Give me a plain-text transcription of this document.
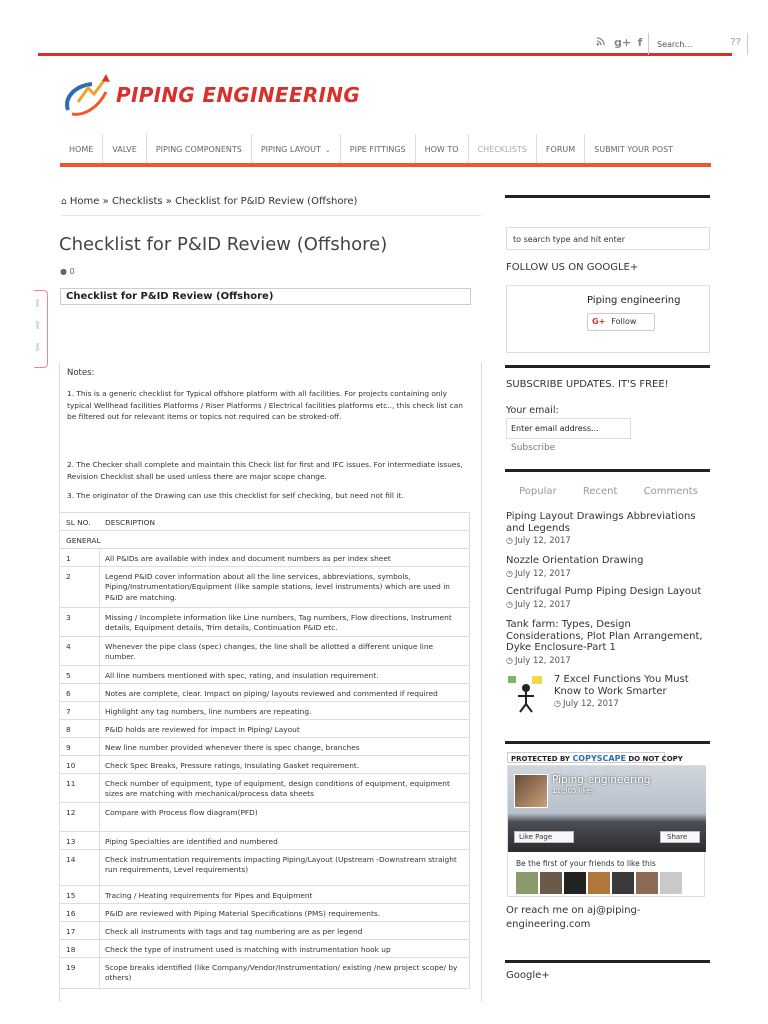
g+ f	Search...	??
PIPING ENGINEERING
HOME	VALVE	PIPING COMPONENTS	PIPING LAYOUT ⌄	PIPE FITTINGS	HOW TO	CHECKLISTS	FORUM	SUBMIT YOUR POST
⌂ Home » Checklists » Checklist for P&ID Review (Offshore)
Checklist for P&ID Review (Offshore)
● 0
Checklist for P&ID Review (Offshore)
Notes:
1. This is a generic checklist for Typical offshore platform with all facilities. For projects containing only typical Wellhead facilities Platforms / Riser Platforms / Electrical facilities platforms etc.., this check list can be filtered out for relevant items or topics not required can be stroked-off.
2. The Checker shall complete and maintain this Check list for first and IFC issues. For intermediate issues, Revision Checklist shall be used unless there are major scope change.
3. The originator of the Drawing can use this checklist for self checking, but need not fill it.
SL NO.	DESCRIPTION
GENERAL
1	All P&IDs are available with index and document numbers as per index sheet
2	Legend P&ID cover information about all the line services, abbreviations, symbols, Piping/Instrumentation/Equipment (like sample stations, level instruments) which are used in P&ID are matching.
3	Missing / Incomplete information like Line numbers, Tag numbers, Flow directions, Instrument details, Equipment details, Trim details, Continuation P&ID etc.
4	Whenever the pipe class (spec) changes, the line shall be allotted a different unique line number.
5	All line numbers mentioned with spec, rating, and insulation requirement.
6	Notes are complete, clear. Impact on piping/ layouts reviewed and commented if required
7	Highlight any tag numbers, line numbers are repeating.
8	P&ID holds are reviewed for impact in Piping/ Layout
9	New line number provided whenever there is spec change, branches
10	Check Spec Breaks, Pressure ratings, Insulating Gasket requirement.
11	Check number of equipment, type of equipment, design conditions of equipment, equipment sizes are matching with mechanical/process data sheets
12	Compare with Process flow diagram(PFD)
13	Piping Specialties are identified and numbered
14	Check instrumentation requirements impacting Piping/Layout (Upstream -Downstream straight run requirements, Level requirements)
15	Tracing / Heating requirements for Pipes and Equipment
16	P&ID are reviewed with Piping Material Specifications (PMS) requirements.
17	Check all instruments with tags and tag numbering are as per legend
18	Check the type of instrument used is matching with instrumentation hook up
19	Scope breaks identified (like Company/Vendor/Instrumentation/ existing /new project scope/ by others)
to search type and hit enter
FOLLOW US ON GOOGLE+
Piping engineering
G+ Follow
SUBSCRIBE UPDATES. IT'S FREE!
Your email:
Enter email address...
Subscribe
Popular	Recent	Comments
Piping Layout Drawings Abbreviations and Legends
◷ July 12, 2017
Nozzle Orientation Drawing
◷ July 12, 2017
Centrifugal Pump Piping Design Layout
◷ July 12, 2017
Tank farm: Types, Design Considerations, Plot Plan Arrangement, Dyke Enclosure-Part 1
◷ July 12, 2017
7 Excel Functions You Must Know to Work Smarter
◷ July 12, 2017
PROTECTED BY COPYSCAPE DO NOT COPY
Piping-engineering
11,905 likes
Like Page	Share
Be the first of your friends to like this
Or reach me on aj@piping-engineering.com
Google+
